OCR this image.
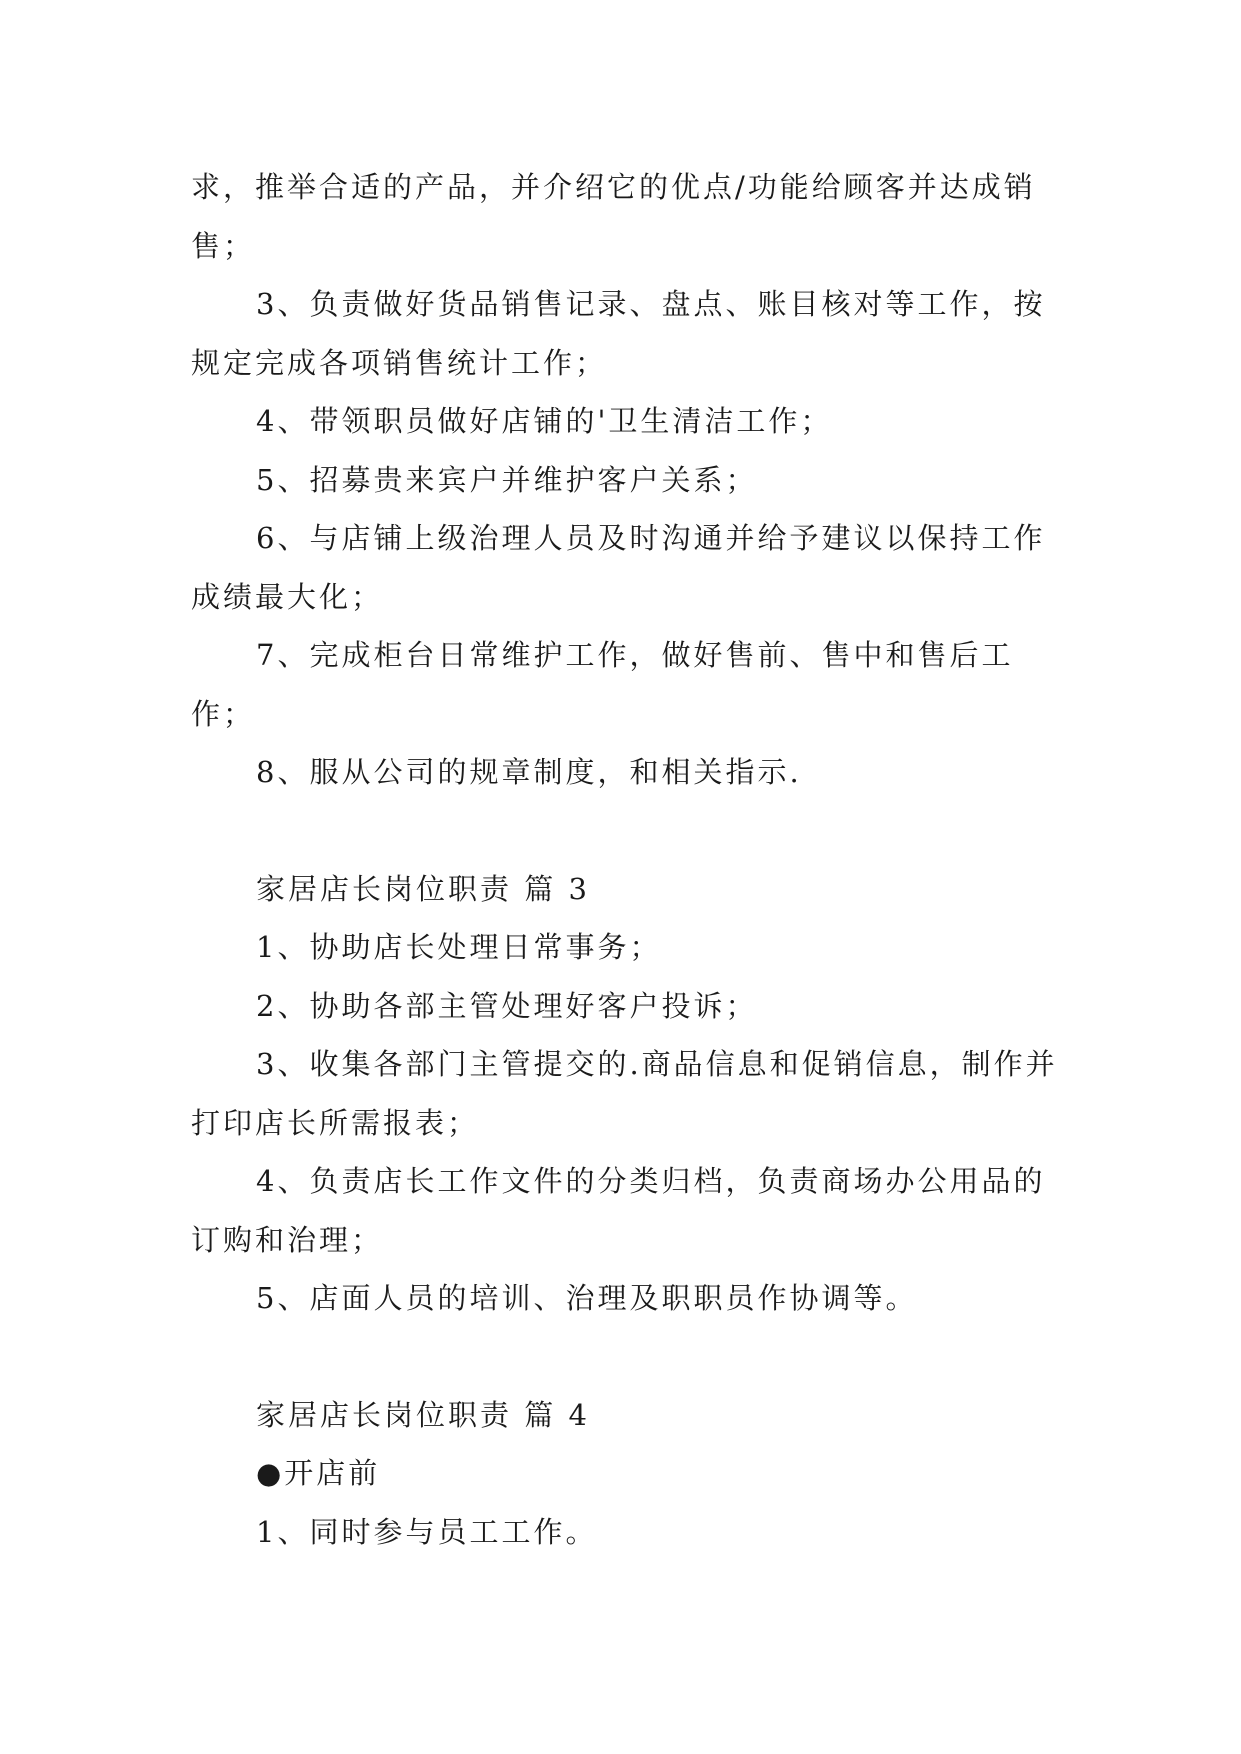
求，推举合适的产品，并介绍它的优点/功能给顾客并达成销售；

3、负责做好货品销售记录、盘点、账目核对等工作，按规定完成各项销售统计工作；

4、带领职员做好店铺的'卫生清洁工作；

5、招募贵来宾户并维护客户关系；

6、与店铺上级治理人员及时沟通并给予建议以保持工作成绩最大化；

7、完成柜台日常维护工作，做好售前、售中和售后工作；

8、服从公司的规章制度，和相关指示.

家居店长岗位职责 篇 3

1、协助店长处理日常事务；

2、协助各部主管处理好客户投诉；

3、收集各部门主管提交的.商品信息和促销信息，制作并打印店长所需报表；

4、负责店长工作文件的分类归档，负责商场办公用品的订购和治理；

5、店面人员的培训、治理及职职员作协调等。

家居店长岗位职责 篇 4

●开店前

1、同时参与员工工作。
